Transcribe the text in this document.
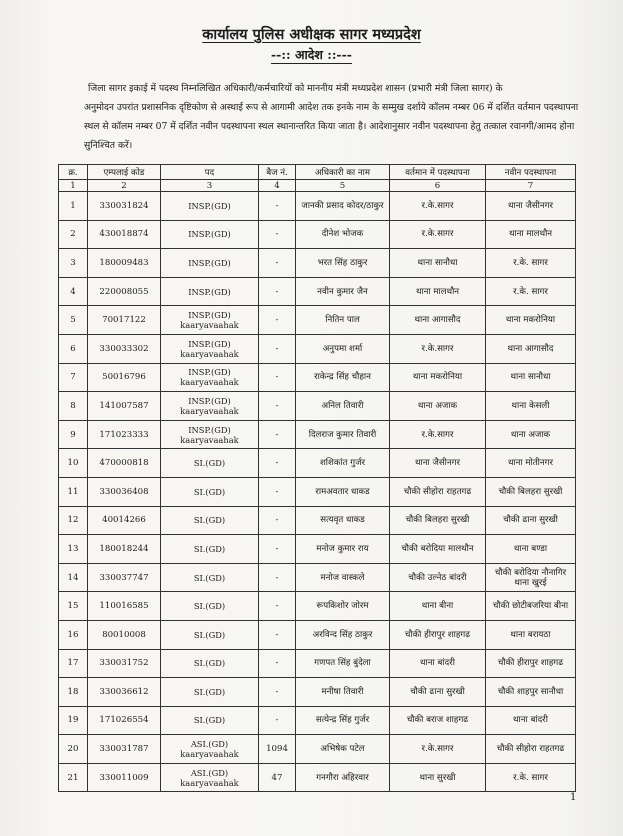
कार्यालय पुलिस अधीक्षक सागर मध्यप्रदेश
--:: आदेश ::---

जिला सागर इकाई में पदस्थ निम्नलिखित अधिकारी/कर्मचारियों को माननीय मंत्री मध्यप्रदेश शासन (प्रभारी मंत्री जिला सागर) के

अनुमोदन उपरांत प्रशासनिक दृष्टिकोण से अस्थाई रूप से आगामी आदेश तक इनके नाम के सम्मुख दर्शाये कॉलम नम्बर 06 में दर्शित वर्तमान पदस्थापना स्थल से कॉलम नम्बर 07 में दर्शित नवीन पदस्थापना स्थल स्थानान्तरित किया जाता है। आदेशानुसार नवीन पदस्थापना हेतु तत्काल रवानगी/आमद होना सुनिश्चित करें।

क्र.	एम्पलाई कोड	पद	बैज नं.	अधिकारी का नाम	वर्तमान में पदस्थापना	नवीन पदस्थापना
1	2	3	4	5	6	7
1	330031824	INSP.(GD)	-	जानकी प्रसाद कोदर/ठाकुर	र.के.सागर	थाना जैसीनगर
2	430018874	INSP.(GD)	-	दीनेश भोजक	र.के.सागर	थाना मालथौन
3	180009483	INSP.(GD)	-	भरत सिंह ठाकुर	थाना सानौधा	र.के. सागर
4	220008055	INSP.(GD)	-	नवीन कुमार जैन	थाना मालथौन	र.के. सागर
5	70017122	INSP.(GD) kaaryavaahak	-	नितिन पाल	थाना आगासौद	थाना मकरोनिया
6	330033302	INSP.(GD) kaaryavaahak	-	अनुपमा शर्मा	र.के.सागर	थाना आगासौद
7	50016796	INSP.(GD) kaaryavaahak	-	राकेन्द्र सिंह चौहान	थाना मकरोनिया	थाना सानौधा
8	141007587	INSP.(GD) kaaryavaahak	-	अनिल तिवारी	थाना अजाक	थाना केसली
9	171023333	INSP.(GD) kaaryavaahak	-	दिलराज कुमार तिवारी	र.के.सागर	थाना अजाक
10	470000818	SI.(GD)	-	शशिकांत गुर्जर	थाना जैसीनगर	थाना मोतीनगर
11	330036408	SI.(GD)	-	रामअवतार धाकड	चौकी सीहोरा राहतगढ	चौकी बिलहरा सुरखी
12	40014266	SI.(GD)	-	सत्यवृत धाकड	चौकी बिलहरा सुरखी	चौकी ढाना सुरखी
13	180018244	SI.(GD)	-	मनोज कुमार राय	चौकी बरोदिया मालथौन	थाना बण्डा
14	330037747	SI.(GD)	-	मनोज वास्कले	चौकी उल्नेठ बांदरी	चौकी बरोदिया नौनागिर थाना खुरई
15	110016585	SI.(GD)	-	रूपकिशोर जोरम	थाना बीना	चौकी छोटीबजरिया बीना
16	80010008	SI.(GD)	-	अरविन्द सिंह ठाकुर	चौकी हीरापुर शाहगढ	थाना बरायठा
17	330031752	SI.(GD)	-	गणपत सिंह बुंदेला	थाना बांदरी	चौकी हीरापुर शाहगढ
18	330036612	SI.(GD)	-	मनीषा तिवारी	चौकी ढाना सुरखी	चौकी शाहपुर सानौधा
19	171026554	SI.(GD)	-	सत्येन्द्र सिंह गुर्जर	चौकी बराज शाहगढ	थाना बांदरी
20	330031787	ASI.(GD) kaaryavaahak	1094	अभिषेक पटेल	र.के.सागर	चौकी सीहोरा राहतगढ
21	330011009	ASI.(GD) kaaryavaahak	47	गनगौरा अहिरवार	थाना सुरखी	र.के. सागर
1
